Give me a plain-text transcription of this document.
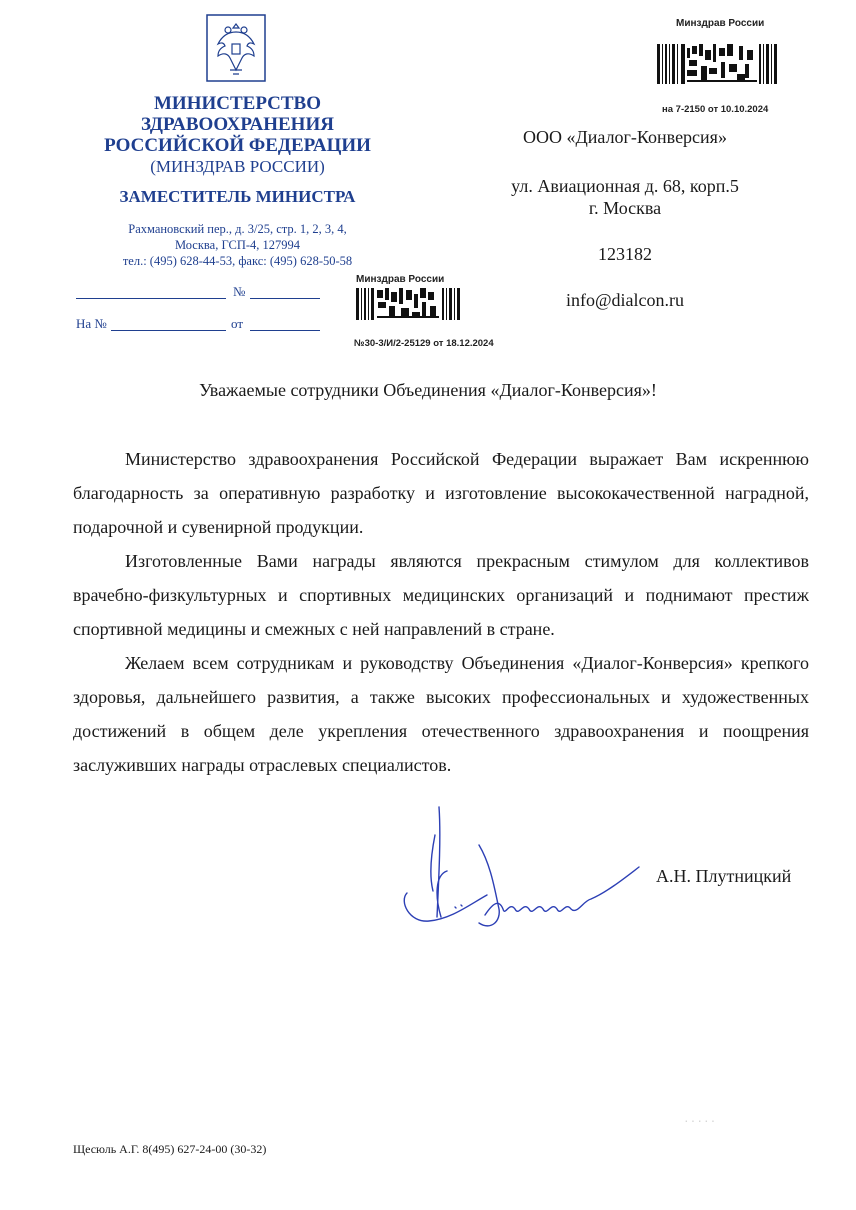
МИНИСТЕРСТВО
ЗДРАВООХРАНЕНИЯ
РОССИЙСКОЙ ФЕДЕРАЦИИ
(МИНЗДРАВ РОССИИ)
ЗАМЕСТИТЕЛЬ МИНИСТРА
Рахмановский пер., д. 3/25, стр. 1, 2, 3, 4,
Москва, ГСП-4, 127994
тел.: (495) 628-44-53, факс: (495) 628-50-58
№
На №	от
Минздрав России
на 7-2150 от 10.10.2024
Минздрав России
№30-3/И/2-25129 от 18.12.2024
ООО «Диалог-Конверсия»
ул. Авиационная д. 68, корп.5
г. Москва
123182
info@dialcon.ru
Уважаемые сотрудники Объединения «Диалог-Конверсия»!

Министерство здравоохранения Российской Федерации выражает Вам искреннюю благодарность за оперативную разработку и изготовление высококачественной наградной, подарочной и сувенирной продукции.

Изготовленные Вами награды являются прекрасным стимулом для коллективов врачебно-физкультурных и спортивных медицинских организаций и поднимают престиж спортивной медицины и смежных с ней направлений в стране.

Желаем всем сотрудникам и руководству Объединения «Диалог-Конверсия» крепкого здоровья, дальнейшего развития, а также высоких профессиональных и художественных достижений в общем деле укрепления отечественного здравоохранения и поощрения заслуживших награды отраслевых специалистов.

А.Н. Плутницкий
·····
Щесюль А.Г. 8(495) 627-24-00 (30-32)
